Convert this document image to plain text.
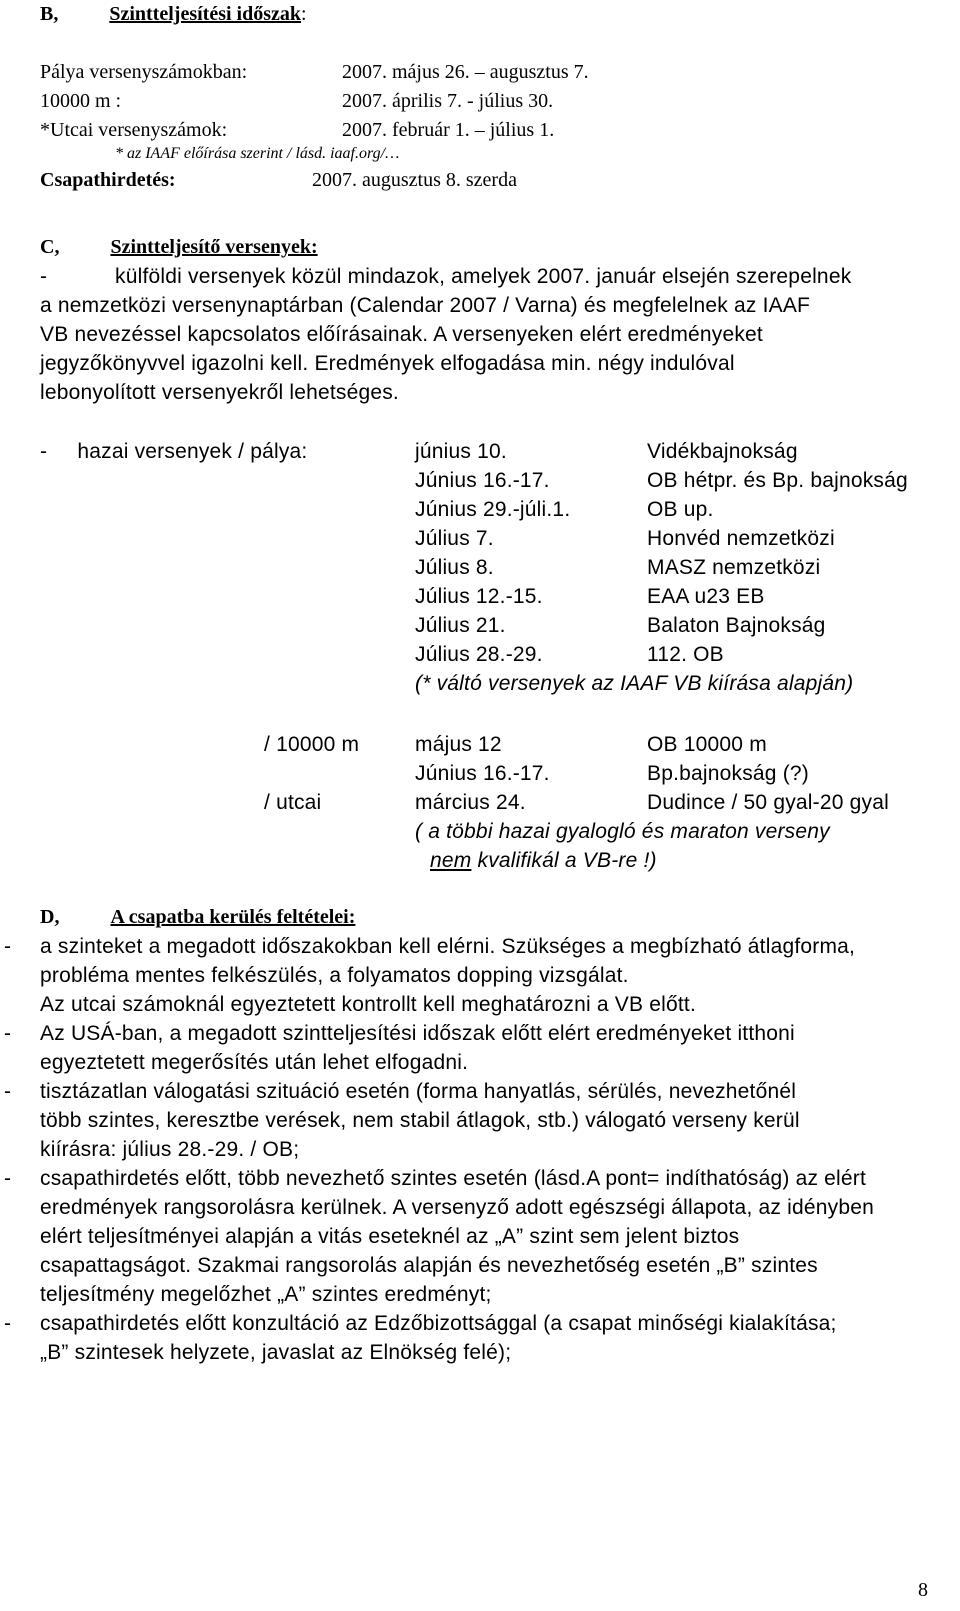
B,	Szintteljesítési időszak:
Pálya versenyszámokban:	2007. május 26. – augusztus 7.
10000 m :	2007. április 7. - július 30.
*Utcai versenyszámok:	2007. február 1. – július 1.
* az IAAF előírása szerint / lásd. iaaf.org/…
Csapathirdetés:	2007. augusztus 8. szerda
C,	Szintteljesítő versenyek:
-	külföldi versenyek közül mindazok, amelyek 2007. január elsején szerepelnek
a nemzetközi versenynaptárban (Calendar 2007 / Varna) és megfelelnek az IAAF
VB nevezéssel kapcsolatos előírásainak. A versenyeken elért eredményeket
jegyzőkönyvvel igazolni kell. Eredmények elfogadása min. négy indulóval
lebonyolított versenyekről lehetséges.
-     hazai versenyek / pálya:	június 10.	Vidékbajnokság
Június 16.-17.	OB hétpr. és Bp. bajnokság
Június 29.-júli.1.	OB up.
Július 7.	Honvéd nemzetközi
Július 8.	MASZ nemzetközi
Július 12.-15.	EAA u23 EB
Július 21.	Balaton Bajnokság
Július 28.-29.	112. OB
(* váltó versenyek az IAAF VB kiírása alapján)
/ 10000 m	május 12	OB 10000 m
Június 16.-17.	Bp.bajnokság (?)
/ utcai	március 24.	Dudince / 50 gyal-20 gyal
( a többi hazai gyalogló és maraton verseny
nem kvalifikál a VB-re !)
D,	A csapatba kerülés feltételei:
- a szinteket a megadott időszakokban kell elérni. Szükséges a megbízható átlagforma,
probléma mentes felkészülés, a folyamatos dopping vizsgálat.
Az utcai számoknál egyeztetett kontrollt kell meghatározni a VB előtt.
- Az USÁ-ban, a megadott szintteljesítési időszak előtt elért eredményeket itthoni
egyeztetett megerősítés után lehet elfogadni.
- tisztázatlan válogatási szituáció esetén (forma hanyatlás, sérülés, nevezhetőnél
több szintes, keresztbe verések, nem stabil átlagok, stb.) válogató verseny kerül
kiírásra: július 28.-29. / OB;
- csapathirdetés előtt, több nevezhető szintes esetén (lásd.A pont= indíthatóság) az elért
eredmények rangsorolásra kerülnek. A versenyző adott egészségi állapota, az idényben
elért teljesítményei alapján a vitás eseteknél az „A” szint sem jelent biztos
csapattagságot. Szakmai rangsorolás alapján és nevezhetőség esetén „B” szintes
teljesítmény megelőzhet „A” szintes eredményt;
- csapathirdetés előtt konzultáció az Edzőbizottsággal (a csapat minőségi kialakítása;
„B” szintesek helyzete, javaslat az Elnökség felé);
8
